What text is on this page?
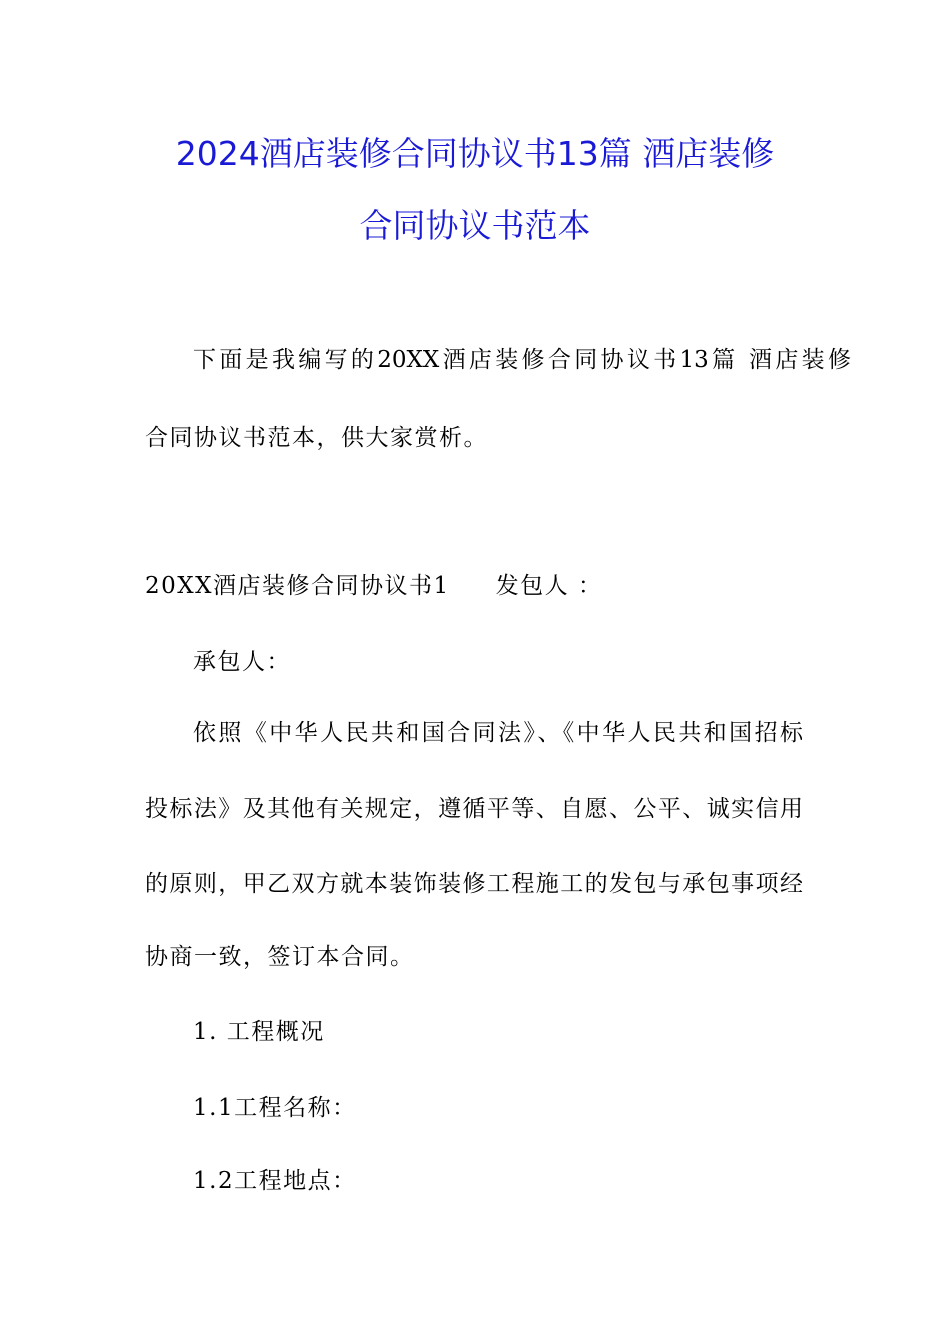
2024酒店装修合同协议书13篇 酒店装修
合同协议书范本
下面是我编写的20XX酒店装修合同协议书13篇 酒店装修
合同协议书范本，供大家赏析。
20XX酒店装修合同协议书1 发包人 ：
承包人：
依照《中华人民共和国合同法》、《中华人民共和国招标
投标法》及其他有关规定，遵循平等、自愿、公平、诚实信用
的原则，甲乙双方就本装饰装修工程施工的发包与承包事项经
协商一致，签订本合同。
1. 工程概况
1.1工程名称：
1.2工程地点：
